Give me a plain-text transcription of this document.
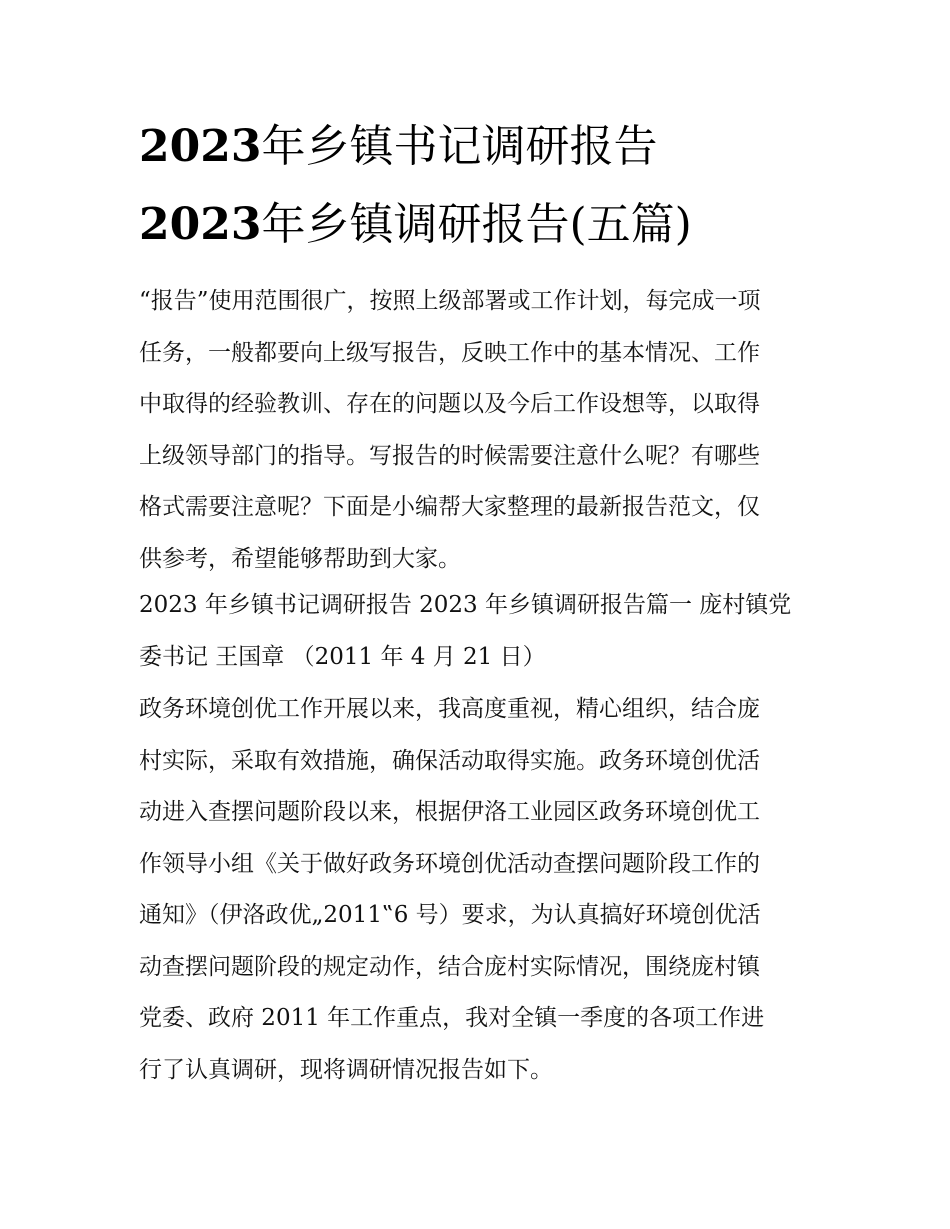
2023年乡镇书记调研报告
2023年乡镇调研报告(五篇)
“报告”使用范围很广，按照上级部署或工作计划，每完成一项
任务，一般都要向上级写报告，反映工作中的基本情况、工作
中取得的经验教训、存在的问题以及今后工作设想等，以取得
上级领导部门的指导。写报告的时候需要注意什么呢？有哪些
格式需要注意呢？下面是小编帮大家整理的最新报告范文，仅
供参考，希望能够帮助到大家。
2023 年乡镇书记调研报告 2023 年乡镇调研报告篇一 庞村镇党
委书记 王国章 （2011 年 4 月 21 日）
政务环境创优工作开展以来，我高度重视，精心组织，结合庞
村实际，采取有效措施，确保活动取得实施。政务环境创优活
动进入查摆问题阶段以来，根据伊洛工业园区政务环境创优工
作领导小组《关于做好政务环境创优活动查摆问题阶段工作的
通知》（伊洛政优„2011‟6 号）要求，为认真搞好环境创优活
动查摆问题阶段的规定动作，结合庞村实际情况，围绕庞村镇
党委、政府 2011 年工作重点，我对全镇一季度的各项工作进
行了认真调研，现将调研情况报告如下。
